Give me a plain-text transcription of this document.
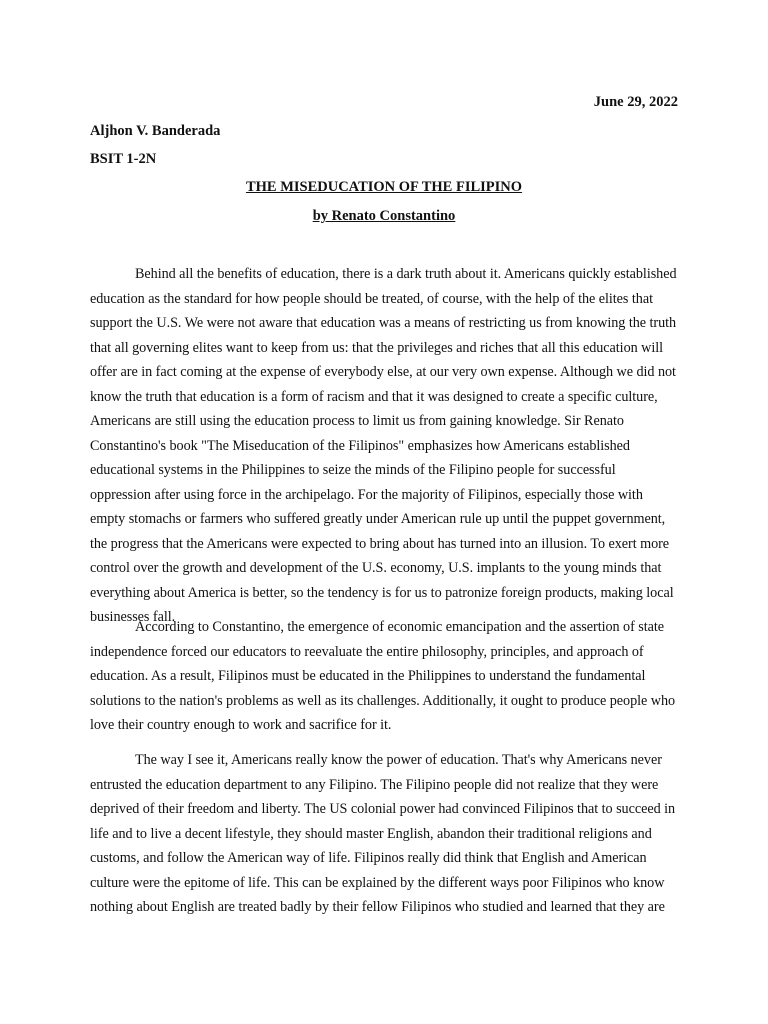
June 29, 2022
Aljhon V. Banderada
BSIT 1-2N
THE MISEDUCATION OF THE FILIPINO
by Renato Constantino

Behind all the benefits of education, there is a dark truth about it. Americans quickly established education as the standard for how people should be treated, of course, with the help of the elites that support the U.S. We were not aware that education was a means of restricting us from knowing the truth that all governing elites want to keep from us: that the privileges and riches that all this education will offer are in fact coming at the expense of everybody else, at our very own expense. Although we did not know the truth that education is a form of racism and that it was designed to create a specific culture, Americans are still using the education process to limit us from gaining knowledge. Sir Renato Constantino's book "The Miseducation of the Filipinos" emphasizes how Americans established educational systems in the Philippines to seize the minds of the Filipino people for successful oppression after using force in the archipelago. For the majority of Filipinos, especially those with empty stomachs or farmers who suffered greatly under American rule up until the puppet government, the progress that the Americans were expected to bring about has turned into an illusion. To exert more control over the growth and development of the U.S. economy, U.S. implants to the young minds that everything about America is better, so the tendency is for us to patronize foreign products, making local businesses fall.

According to Constantino, the emergence of economic emancipation and the assertion of state independence forced our educators to reevaluate the entire philosophy, principles, and approach of education. As a result, Filipinos must be educated in the Philippines to understand the fundamental solutions to the nation's problems as well as its challenges. Additionally, it ought to produce people who love their country enough to work and sacrifice for it.

The way I see it, Americans really know the power of education. That's why Americans never entrusted the education department to any Filipino. The Filipino people did not realize that they were deprived of their freedom and liberty. The US colonial power had convinced Filipinos that to succeed in life and to live a decent lifestyle, they should master English, abandon their traditional religions and customs, and follow the American way of life. Filipinos really did think that English and American culture were the epitome of life. This can be explained by the different ways poor Filipinos who know nothing about English are treated badly by their fellow Filipinos who studied and learned that they are
